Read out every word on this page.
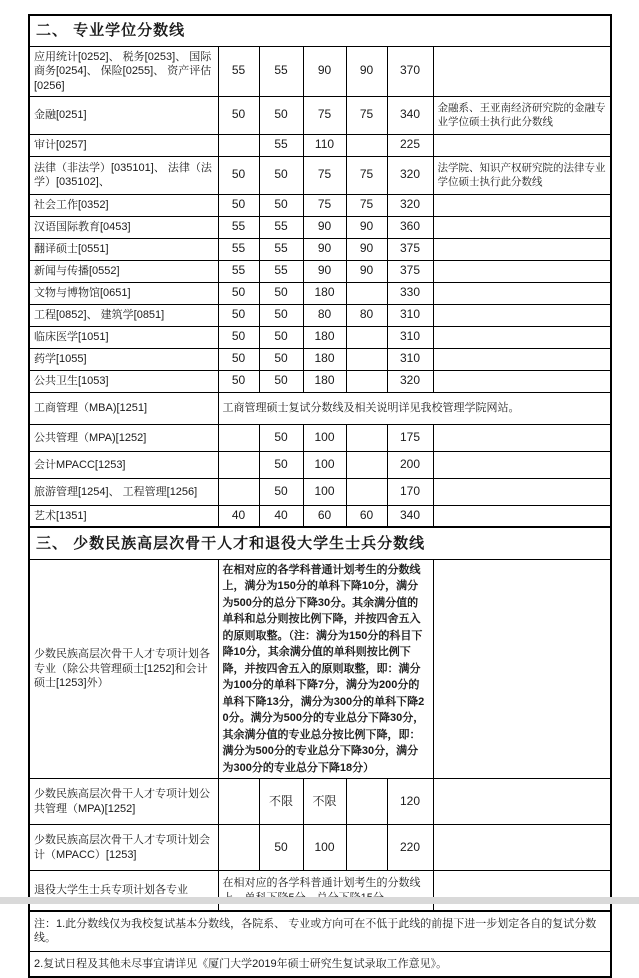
二、 专业学位分数线						
应用统计[0252]、 税务[0253]、 国际商务[0254]、 保险[0255]、 资产评估[0256]	55	55	90	90	370	
金融[0251]	50	50	75	75	340	金融系、王亚南经济研究院的金融专业学位硕士执行此分数线
审计[0257]		55	110		225	
法律（非法学）[035101]、 法律（法学）[035102]、	50	50	75	75	320	法学院、知识产权研究院的法律专业学位硕士执行此分数线
社会工作[0352]	50	50	75	75	320	
汉语国际教育[0453]	55	55	90	90	360	
翻译硕士[0551]	55	55	90	90	375	
新闻与传播[0552]	55	55	90	90	375	
文物与博物馆[0651]	50	50	180		330	
工程[0852]、 建筑学[0851]	50	50	80	80	310	
临床医学[1051]	50	50	180		310	
药学[1055]	50	50	180		310	
公共卫生[1053]	50	50	180		320	
工商管理（MBA)[1251]	工商管理硕士复试分数线及相关说明详见我校管理学院网站。					
公共管理（MPA)[1252]		50	100		175	
会计MPACC[1253]		50	100		200	
旅游管理[1254]、 工程管理[1256]		50	100		170	
艺术[1351]	40	40	60	60	340	
三、 少数民族高层次骨干人才和退役大学生士兵分数线						
少数民族高层次骨干人才专项计划各专业（除公共管理硕士[1252]和会计硕士[1253]外）	在相对应的各学科普通计划考生的分数线上，满分为150分的单科下降10分，满分为500分的总分下降30分。其余满分值的单科和总分则按比例下降，并按四舍五入的原则取整。（注：满分为150分的科目下降10分，其余满分值的单科则按比例下降，并按四舍五入的原则取整，即：满分为100分的单科下降7分，满分为200分的单科下降13分，满分为300分的单科下降20分。满分为500分的专业总分下降30分，其余满分值的专业总分按比例下降，即：满分为500分的专业总分下降30分，满分为300分的专业总分下降18分）					
少数民族高层次骨干人才专项计划公共管理（MPA)[1252]		不限	不限		120	
少数民族高层次骨干人才专项计划会计（MPACC）[1253]		50	100		220	
退役大学生士兵专项计划各专业	在相对应的各学科普通计划考生的分数线					
注：1.此分数线仅为我校复试基本分数线，各院系、 专业或方向可在不低于此线的前提下进一步划定各自的复试分数线。						
2.复试日程及其他未尽事宜请详见《厦门大学2019年硕士研究生复试录取工作意见》。						
